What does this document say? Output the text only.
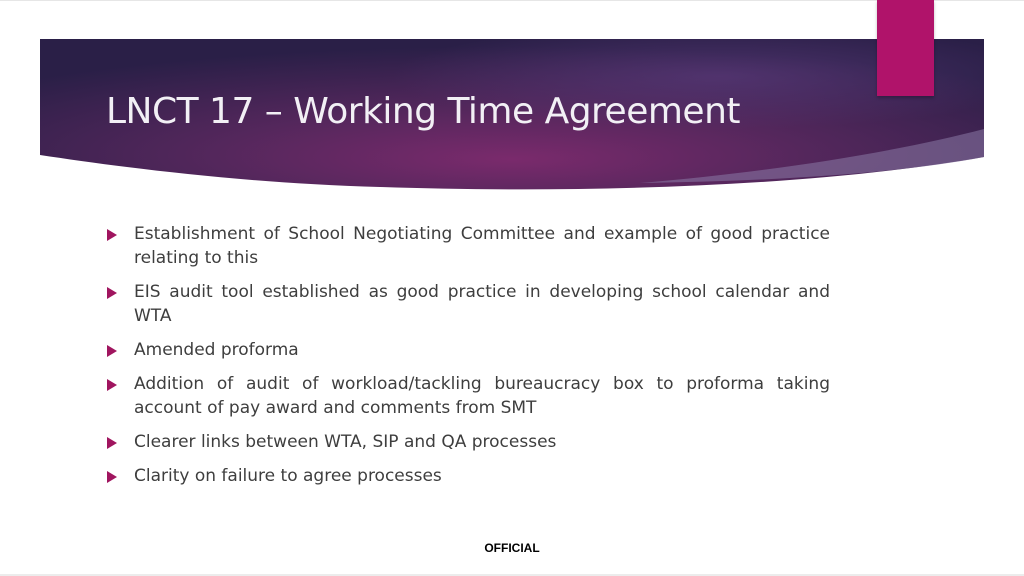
LNCT 17 – Working Time Agreement
Establishment of School Negotiating Committee and example of good practice relating to this
EIS audit tool established as good practice in developing school calendar and WTA
Amended proforma
Addition of audit of workload/tackling bureaucracy box to proforma taking account of pay award and comments from SMT
Clearer links between WTA, SIP and QA processes
Clarity on failure to agree processes
OFFICIAL
